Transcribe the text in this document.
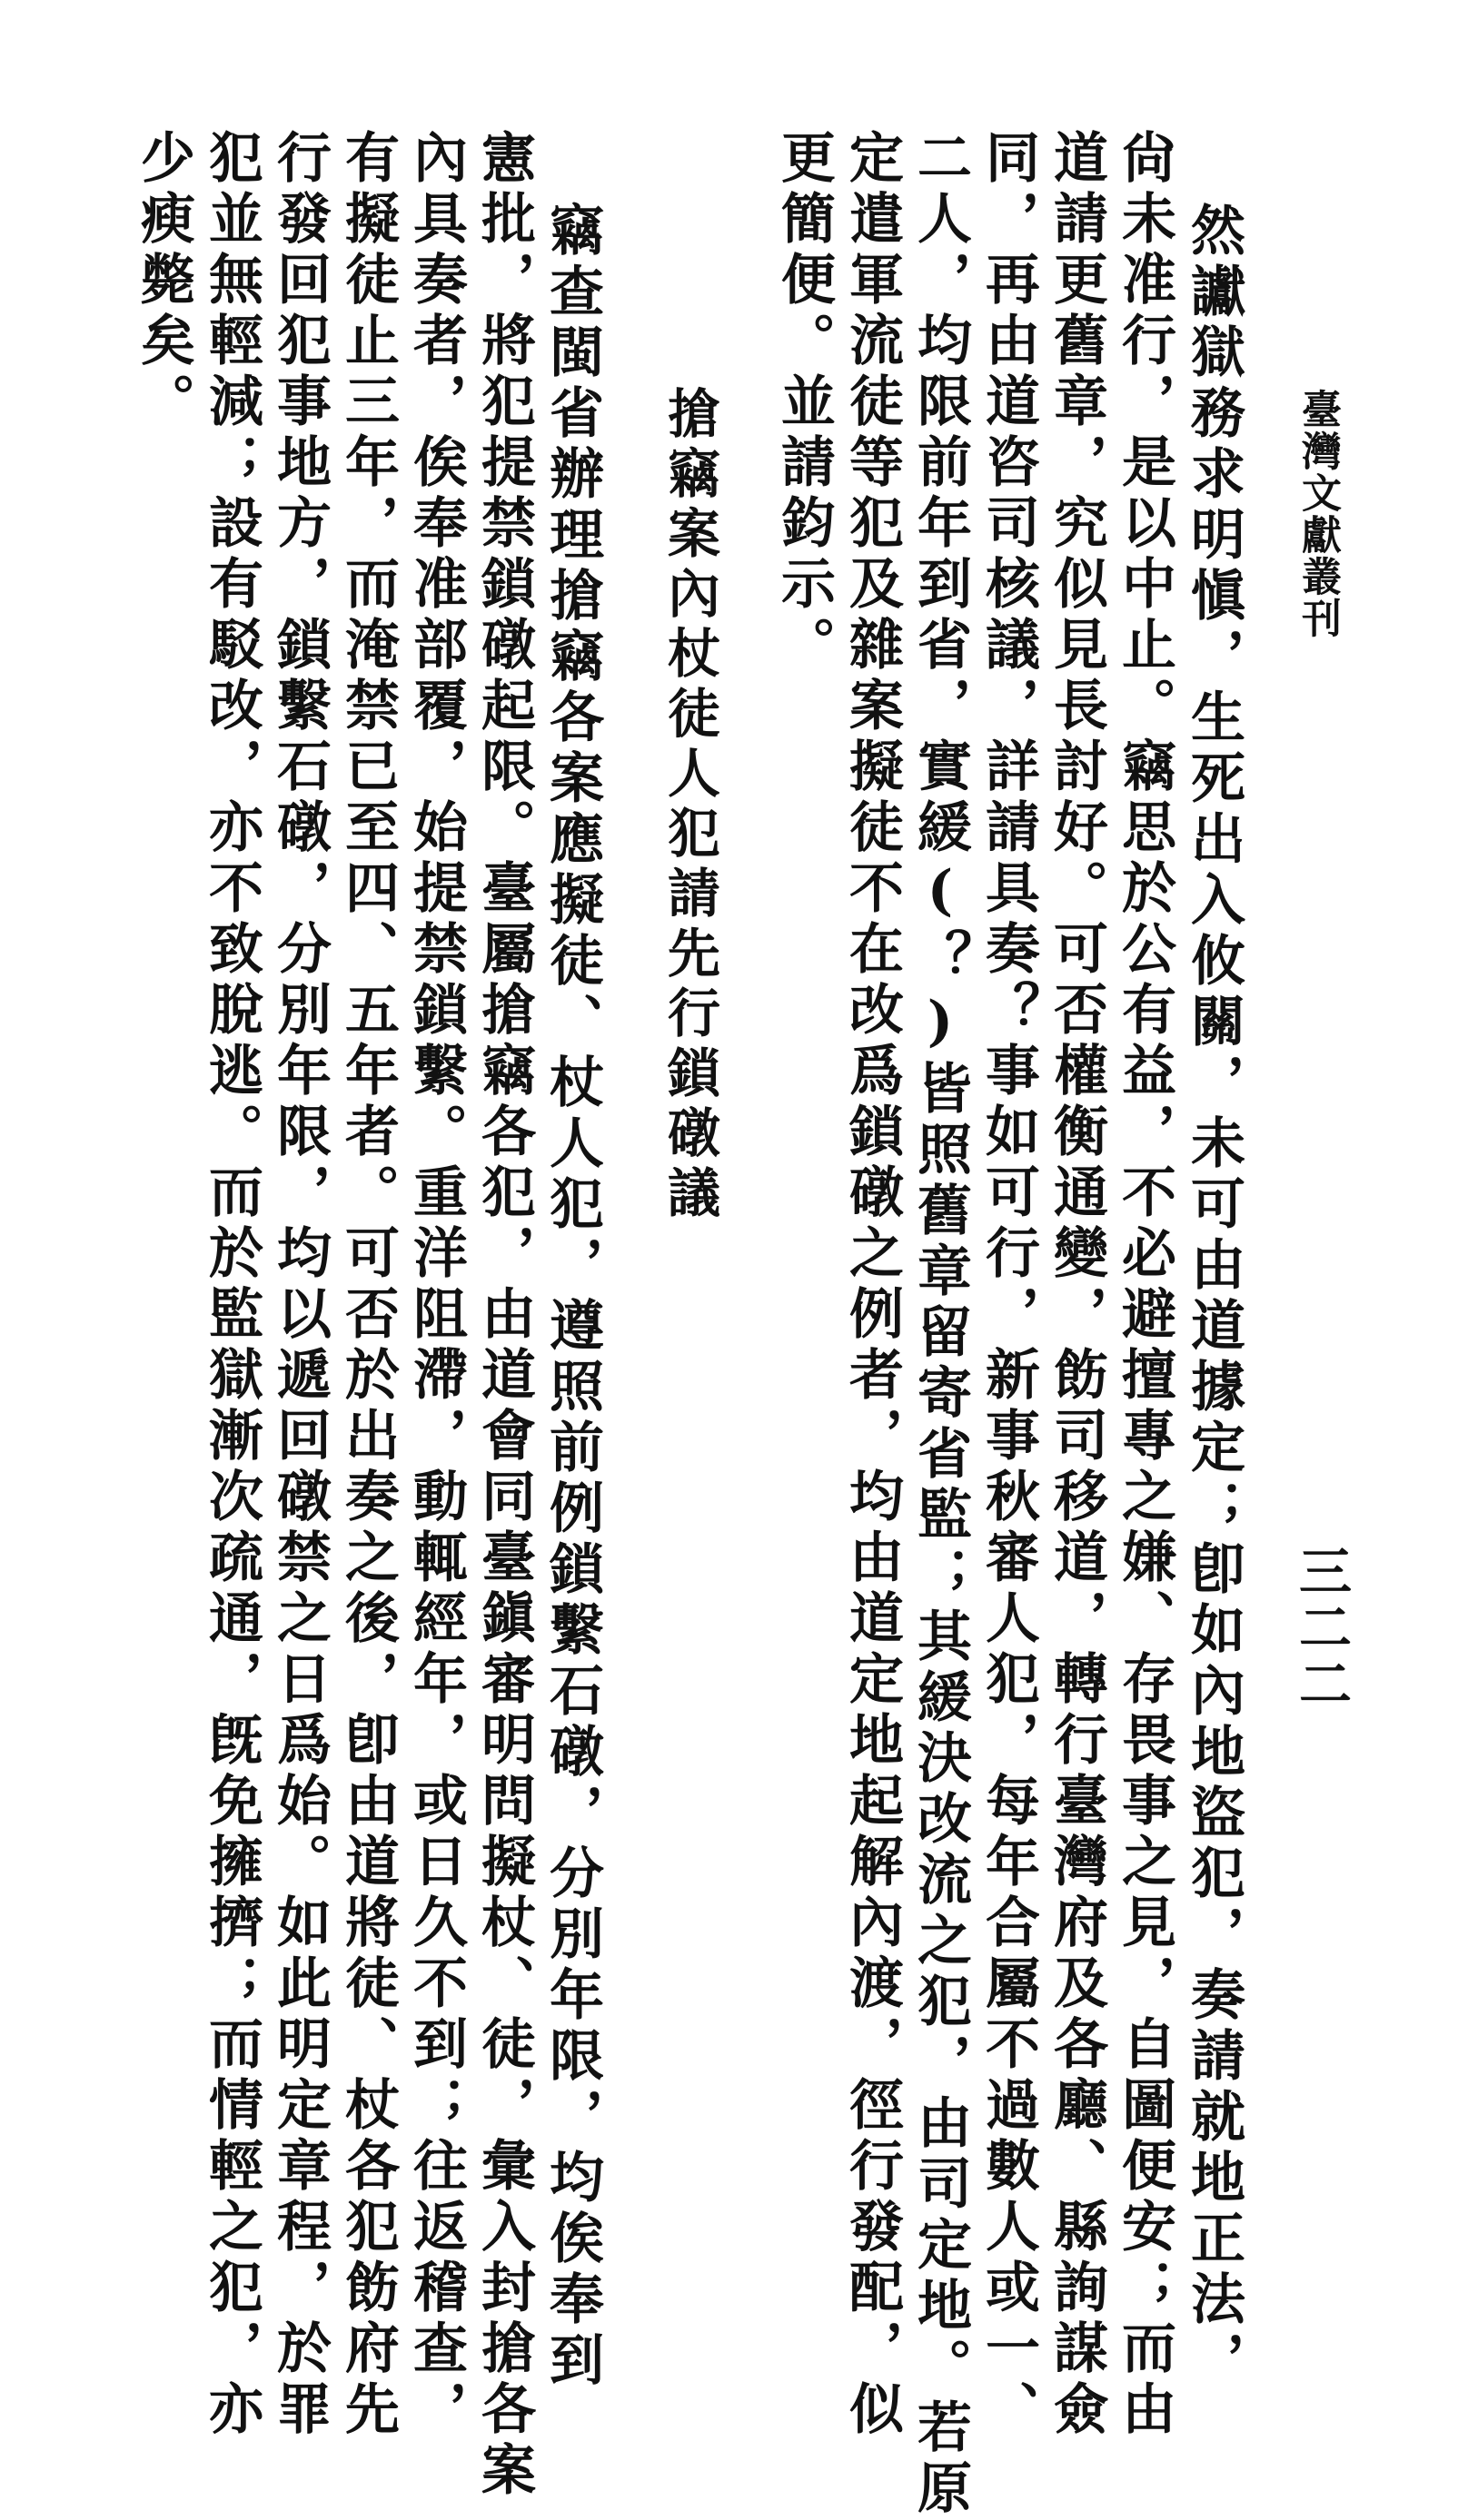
臺灣文獻叢刊
三二二
然讞獄務求明愼，生死出入攸關，未可由道據定；卽如內地盜犯，奏請就地正法，
尙未准行，是以中止。竊思於公有益，不必避擅專之嫌、存畏事之見，自圖便安；而由
道請更舊章，究似見長討好。可否權衡通變，飭司移道，轉行臺灣府及各廳、縣詢謀僉
同，再由道咨司核議，詳請具奏？事如可行，新事秋審人犯，每年合屬不過數人或一、
二人，均限前年到省，實緩(？)皆照舊章留寄省監；其緩決改流之犯，由司定地。若原
定遣軍流徒等犯及雜案擬徒不在改爲鎖礅之例者，均由道定地起解內渡，徑行發配，似
更簡便。並請鈞示。
搶竊案內杖徒人犯請先行鎖礅議
竊查閩省辦理搶竊各案應擬徒、杖人犯，遵照前例鎖繫石礅，分別年限，均俟奉到
憲批，將犯提禁鎖礅起限。臺屬搶竊各犯，由道會同臺鎭審明問擬杖、徒，彙入封搶各案
內具奏者，俟奉准部覆，始提禁鎖繫。重洋阻滯，動輒經年，或日久不到；往返稽查，
有擬徒止三年，而淹禁已至四、五年者。可否於出奏之後，卽由道將徒、杖各犯飭府先
行發回犯事地方，鎖繫石礅，分別年限，均以遞回礅禁之日爲始。如此明定章程，於罪
犯並無輕減；設有駁改，亦不致脫逃。而於監獄漸次疏通，旣免擁擠；而情輕之犯，亦
少瘐斃矣。
